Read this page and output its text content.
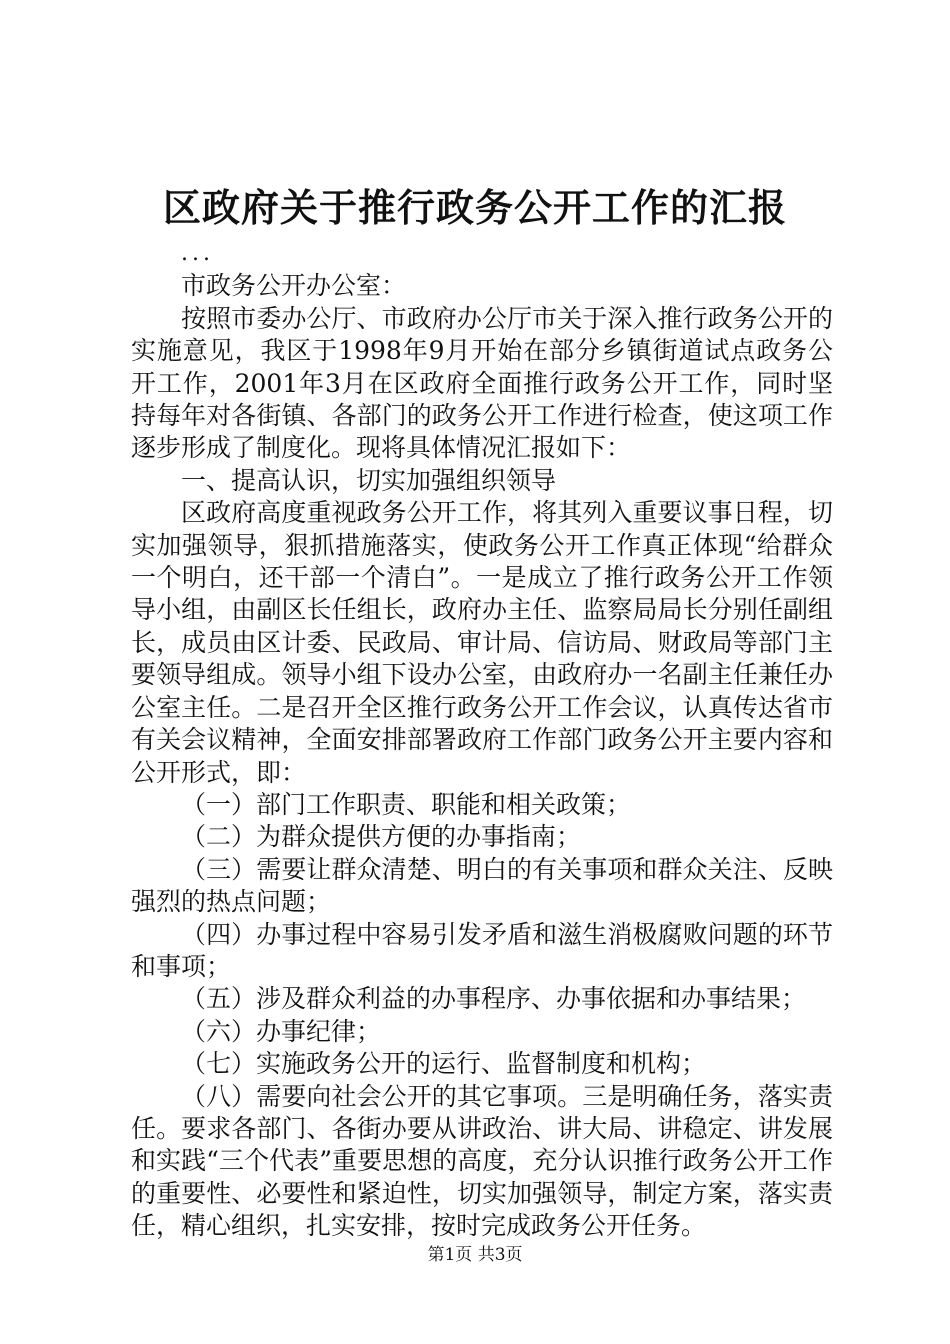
区政府关于推行政务公开工作的汇报

...

市政务公开办公室：

按照市委办公厅、市政府办公厅市关于深入推行政务公开的实施意见，我区于1998年9月开始在部分乡镇街道试点政务公开工作，2001年3月在区政府全面推行政务公开工作，同时坚持每年对各街镇、各部门的政务公开工作进行检查，使这项工作逐步形成了制度化。现将具体情况汇报如下：

一、提高认识，切实加强组织领导

区政府高度重视政务公开工作，将其列入重要议事日程，切实加强领导，狠抓措施落实，使政务公开工作真正体现“给群众一个明白，还干部一个清白”。一是成立了推行政务公开工作领导小组，由副区长任组长，政府办主任、监察局局长分别任副组长，成员由区计委、民政局、审计局、信访局、财政局等部门主要领导组成。领导小组下设办公室，由政府办一名副主任兼任办公室主任。二是召开全区推行政务公开工作会议，认真传达省市有关会议精神，全面安排部署政府工作部门政务公开主要内容和公开形式，即：

（一）部门工作职责、职能和相关政策；

（二）为群众提供方便的办事指南；

（三）需要让群众清楚、明白的有关事项和群众关注、反映强烈的热点问题；

（四）办事过程中容易引发矛盾和滋生消极腐败问题的环节和事项；

（五）涉及群众利益的办事程序、办事依据和办事结果；

（六）办事纪律；

（七）实施政务公开的运行、监督制度和机构；

（八）需要向社会公开的其它事项。三是明确任务，落实责任。要求各部门、各街办要从讲政治、讲大局、讲稳定、讲发展和实践“三个代表”重要思想的高度，充分认识推行政务公开工作的重要性、必要性和紧迫性，切实加强领导，制定方案，落实责任，精心组织，扎实安排，按时完成政务公开任务。

第1页 共3页
